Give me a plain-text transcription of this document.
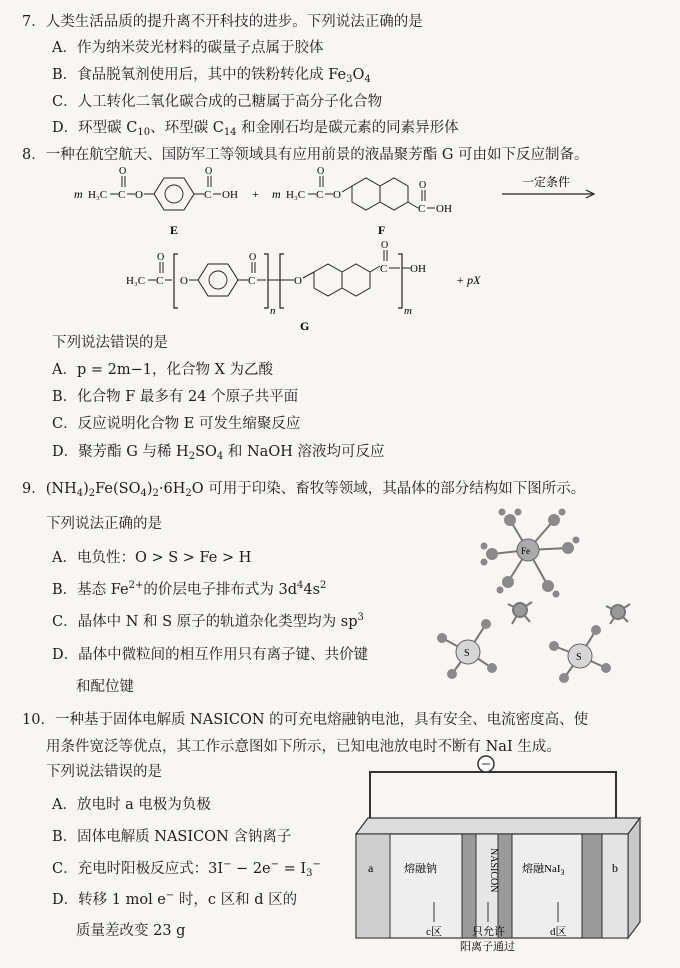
7．人类生活品质的提升离不开科技的进步。下列说法正确的是
A．作为纳米荧光材料的碳量子点属于胶体
B．食品脱氧剂使用后，其中的铁粉转化成 $Fe_3O_4$
C．人工转化二氧化碳合成的己糖属于高分子化合物
D．环型碳 $C_{10}$、环型碳 $C_{14}$ 和金刚石均是碳元素的同素异形体
8．一种在航空航天、国防军工等领域具有应用前景的液晶聚芳酯 G 可由如下反应制备。
m H₃C C
O
O	C
O
OH
E
+ m H₃C C
O
O
C
O
OH
F
一定条件
H₃C C
O
O	C
O
n
O
C
O
m
OH
+ pX
G
下列说法错误的是
A．p = 2m−1，化合物 X 为乙酸
B．化合物 F 最多有 24 个原子共平面
C．反应说明化合物 E 可发生缩聚反应
D．聚芳酯 G 与稀 $H_2SO_4$ 和 NaOH 溶液均可反应
9．$(NH_4)_2Fe(SO_4)_2\cdot 6H_2O$ 可用于印染、畜牧等领域，其晶体的部分结构如下图所示。
下列说法正确的是
A．电负性：O > S > Fe > H
B．基态 $Fe^{2+}$的价层电子排布式为 $3d^44s^2$
C．晶体中 N 和 S 原子的轨道杂化类型均为 $sp^3$
D．晶体中微粒间的相互作用只有离子键、共价键
和配位键
Fe
S	S
10．一种基于固体电解质 NASICON 的可充电熔融钠电池，具有安全、电流密度高、使
用条件宽泛等优点，其工作示意图如下所示，已知电池放电时不断有 NaI 生成。
下列说法错误的是
A．放电时 a 电极为负极
B．固体电解质 NASICON 含钠离子
C．充电时阳极反应式：$3I^- - 2e^- = I_3^-$
D．转移 1 mol e− 时，c 区和 d 区的
质量差改变 23 g
a	熔融钠	NASICON 熔融NaI$_3$	b
c区	只允许
阳离子通过
d区
